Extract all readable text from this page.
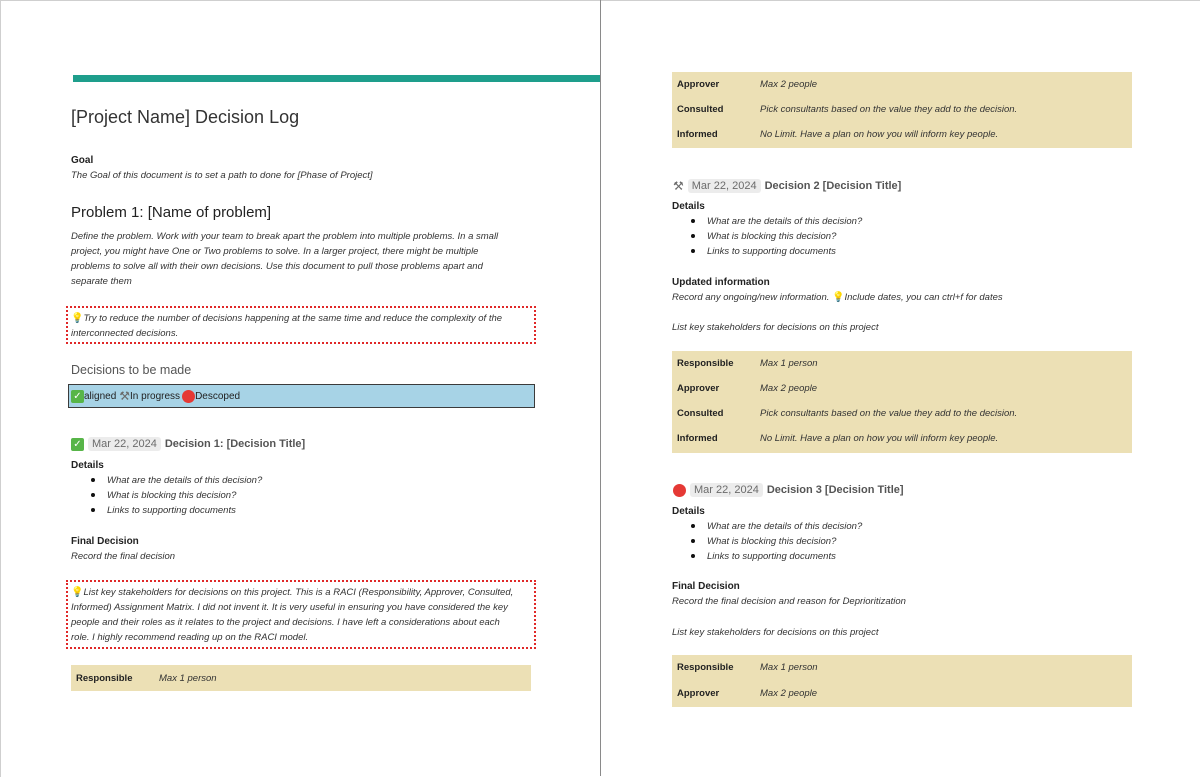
[Project Name] Decision Log
Goal
The Goal of this document is to set a path to done for [Phase of Project]
Problem 1: [Name of problem]
Define the problem. Work with your team to break apart the problem into multiple problems. In a small
project, you might have One or Two problems to solve. In a larger project, there might be multiple
problems to solve all with their own decisions. Use this document to pull those problems apart and
separate them
💡Try to reduce the number of decisions happening at the same time and reduce the complexity of the
interconnected decisions.
Decisions to be made
✓ aligned ⚒ In progress Descoped
✓ Mar 22, 2024 Decision 1: [Decision Title]
Details
What are the details of this decision?
What is blocking this decision?
Links to supporting documents
Final Decision
Record the final decision
💡List key stakeholders for decisions on this project. This is a RACI (Responsibility, Approver, Consulted,
Informed) Assignment Matrix. I did not invent it. It is very useful in ensuring you have considered the key
people and their roles as it relates to the project and decisions. I have left a considerations about each
role. I highly recommend reading up on the RACI model.
Responsible	Max 1 person
Approver	Max 2 people
Consulted	Pick consultants based on the value they add to the decision.
Informed	No Limit. Have a plan on how you will inform key people.
⚒ Mar 22, 2024 Decision 2 [Decision Title]
Details
What are the details of this decision?
What is blocking this decision?
Links to supporting documents
Updated information
Record any ongoing/new information. 💡Include dates, you can ctrl+f for dates
List key stakeholders for decisions on this project
Responsible	Max 1 person
Approver	Max 2 people
Consulted	Pick consultants based on the value they add to the decision.
Informed	No Limit. Have a plan on how you will inform key people.
Mar 22, 2024 Decision 3 [Decision Title]
Details
What are the details of this decision?
What is blocking this decision?
Links to supporting documents
Final Decision
Record the final decision and reason for Deprioritization
List key stakeholders for decisions on this project
Responsible	Max 1 person
Approver	Max 2 people
